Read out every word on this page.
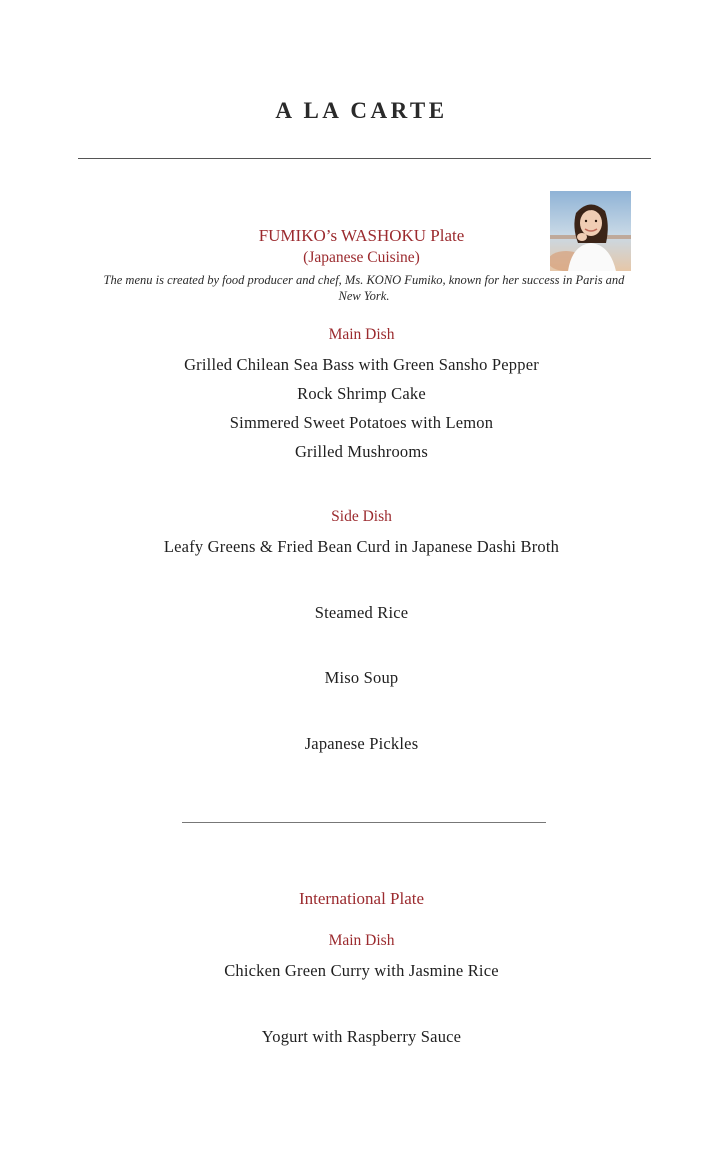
A LA CARTE
FUMIKO’s WASHOKU Plate
(Japanese Cuisine)
The menu is created by food producer and chef, Ms. KONO Fumiko, known for her success in Paris and New York.
Main Dish
Grilled Chilean Sea Bass with Green Sansho Pepper
Rock Shrimp Cake
Simmered Sweet Potatoes with Lemon
Grilled Mushrooms
Side Dish
Leafy Greens & Fried Bean Curd in Japanese Dashi Broth
Steamed Rice
Miso Soup
Japanese Pickles
International Plate
Main Dish
Chicken Green Curry with Jasmine Rice
Yogurt with Raspberry Sauce
